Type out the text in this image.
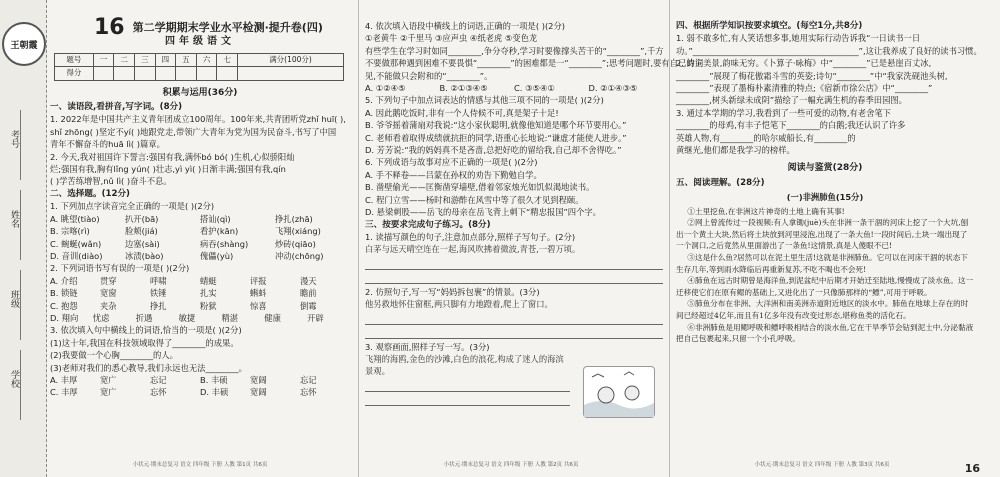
王朝霞
考号
姓名
班级
学校
16 第二学期期末学业水平检测·提升卷(四)
四年级语文
题号	一	二	三	四	五	六	七	满分(100分)
得分								
积累与运用(36分)

一、读语段,看拼音,写字词。(8分)

1. 2022年是中国共产主义青年团成立100周年。100年来,共青团听党zhǐ huī( ),

shǐ zhōng( )坚定不yí( )地跟党走,带领广大青年为党为国为民奋斗,书写了中国

青年不懈奋斗的huā lì( )篇章。

2. 今天,我对祖国许下誓言:强国有我,满怀bó bó( )生机,心似骄阳灿

烂;强国有我,胸有lǐng yún( )壮志,yì yì( )日渐丰满;强国有我,qín

( )学苦练增智,nǔ lì( )奋斗不息。

二、选择题。(12分)

1. 下列加点字读音完全正确的一项是( )(2分)

A. 眺望(tiào)	扒开(bā)	搭讪(qì)	挣扎(zhā)
B. 宗喀(rì)	脸颊(jiá)	看护(kān)	飞翔(xiáng)
C. 蜿蜒(wǎn)	边塞(sài)	病吞(shàng)	炒砖(qiāo)
D. 音训(diào)	冰渍(bào)	傀儡(yù)	冲动(chōng)

2. 下列词语书写有误的一项是( )(2分)

A. 介绍	贯穿	呼啸	蜻蜓	评报	漫天
B. 锁链	宽窗	铁锤	扎实	蝌蚪	瞻前
C. 抱怨	夹杂	挣扎	粉狱	惊喜	倒霉
D. 翔向	忧虑	折遇	敏捷	精湛	健康	开辟

3. 依次填入句中横线上的词语,恰当的一项是( )(2分)

(1)这十年,我国在科技领域取得了________的成果。

(2)我要做一个心胸________的人。

(3)老师对我们的悉心教导,我们永远也无法________。

A. 丰厚	宽广	忘记	B. 丰硕	宽阔	忘记
C. 丰厚	宽广	忘怀	D. 丰硕	宽阔	忘怀
小状元·期末总复习 语文 四年级 下册 人教 第1页 共6页

4. 依次填入语段中横线上的词语,正确的一项是( )(2分)

①老黄牛 ②千里马 ③应声虫 ④纸老虎 ⑤变色龙

有些学生在学习时如同________,争分夺秒,学习时要像撑头苦干的“________”,千方

不要做那种遇到困难不要畏惧“________”的困难都是一“________”;思考问题时,要有自己的主

见,不能做只会附和的“________”。

A. ①②④⑤	B. ②①③④⑤	C. ③⑤④①	D. ②①④③⑤

5. 下列句子中加点词表达的情感与其他三项不同的一项是( )(2分)

A. 因此鹅吃饭时,非有一个人侍候不可,真是架子十足!

B. 爷爷摇着蒲扇对我说:“这小家伙聪明,就像他知道是哪个环节要用心。”

C. 老师看着取得成绩就抗拒的同学,语重心长地说:“谦虚才能使人进步。”

D. 芳芳说:“我的妈妈真不是吝啬,总把好吃的留给我,自己却不舍得吃。”

6. 下列成语与故事对应不正确的一项是( )(2分)

A. 手不释卷——吕蒙在孙权的劝告下勤勉自学。

B. 凿壁偷光——匡衡凿穿墙壁,借着邻家烛光如饥似渴地读书。

C. 程门立雪——杨时和游酢在风雪中等了很久才见到程颐。

D. 悬梁刺股——岳飞的母亲在岳飞背上刺下“精忠报国”四个字。

三、按要求完成句子练习。(8分)

1. 读描写颜色的句子,注意加点部分,照样子写句子。(2分)

白茅与远天晴空连在一起,海风吹拂着微波,青苍,一碧万顷。

2. 仿照句子,写一写“妈妈拆包裹”的情景。(3分)

他另救地怀住窗框,两只脚有力地蹬着,爬上了窗口。

3. 观察画面,照样子写一写。(3分)

飞翔的海鸥,金色的沙滩,白色的浪花,构成了迷人的海滨景观。

小状元·期末总复习 语文 四年级 下册 人教 第2页 共6页

四、根据所学知识按要求填空。(每空1分,共8分)

1. 弱不敢多忙,有人笑话想多事,她用实际行动告诉我“一日读书一日

功。”________________________________________”,这让我养成了良好的读书习惯。

2. 诗词美景,韵味无穷。《卜算子·咏梅》中“________”已是悬崖百丈冰,

________”展现了梅花傲霜斗雪的英姿;诗句“________”中“我家洗砚池头树,

________”表现了墨梅朴素清雅的特点;《宿新市徐公店》中“________”

________,树头新绿未成阴”描绘了一幅充满生机的春季田园图。

3. 通过本学期的学习,我看到了一些可爱的动物,有老舍笔下

________的母鸡,有丰子恺笔下________的白鹅;我还认识了许多

英雄人物,有________的哈尔威船长,有________的

黄继光,他们都是我学习的榜样。

阅读与鉴赏(28分)

五、阅读理解。(28分)

(一)非洲肺鱼(15分)

①土里挖鱼,在非洲这片神奇的土地上确有其事!

②网上曾流传过一段视频:有人拿锄(juè)头在非洲一条干涸的河床上挖了一个大坑,刨出一个黄土大块,然后将土块放到河里浸泡,出现了一条大鱼!一段时间后,土块一端出现了一个洞口,之后竟然从里面游出了一条鱼!这情景,真是人傻眼不已!

③这是什么鱼?居然可以在泥土里生活!这就是非洲肺鱼。它可以在河床干涸的状态下生存几年,等到雨水降临后再重新复苏,不吃不喝也不会死!

④肺鱼在远古时期曾是海洋鱼,到泥盆纪中后期才开始迁至陆地,慢慢成了淡水鱼。这一迁移使它们在原有鳃的基础上,又进化出了一只像肺那样的“鳔”,可用于呼吸。

⑤肺鱼分布在非洲、大洋洲和南美洲赤道附近地区的淡水中。肺鱼在地球上存在的时间已经超过4亿年,而且有1亿多年没有改变过形态,堪称鱼类的活化石。

⑥非洲肺鱼是用鳃呼吸和鳔呼吸相结合的淡水鱼,它在干旱季节会钻到泥土中,分泌黏液把自己包裹起来,只留一个小孔呼吸。

小状元·期末总复习 语文 四年级 下册 人教 第3页 共6页	16
